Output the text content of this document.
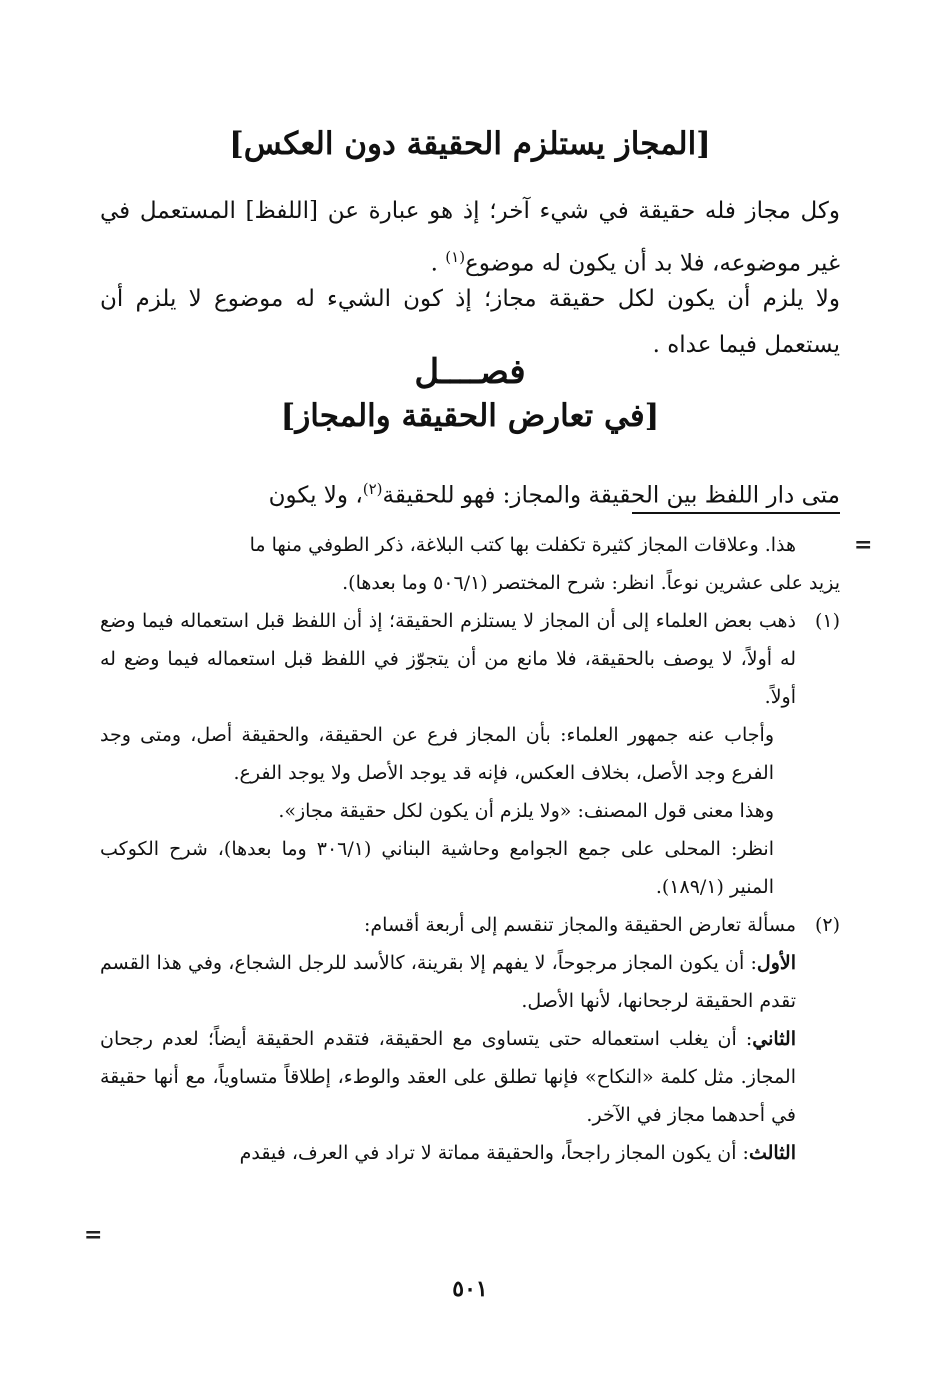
[المجاز يستلزم الحقيقة دون العكس]
وكل مجاز فله حقيقة في شيء آخر؛ إذ هو عبارة عن [اللفظ] المستعمل في غير موضوعه، فلا بد أن يكون له موضوع$^{(١)}$ .
ولا يلزم أن يكون لكل حقيقة مجاز؛ إذ كون الشيء له موضوع لا يلزم أن يستعمل فيما عداه .
فصــــل
[في تعارض الحقيقة والمجاز]
متى دار اللفظ بين الحقيقة والمجاز: فهو للحقيقة$^{(٢)}$، ولا يكون
=

هذا. وعلاقات المجاز كثيرة تكفلت بها كتب البلاغة، ذكر الطوفي منها ما

يزيد على عشرين نوعاً. انظر: شرح المختصر (٥٠٦/١ وما بعدها).

(١)
ذهب بعض العلماء إلى أن المجاز لا يستلزم الحقيقة؛ إذ أن اللفظ قبل استعماله فيما وضع له أولاً، لا يوصف بالحقيقة، فلا مانع من أن يتجوّز في اللفظ قبل استعماله فيما وضع له أولاً.

وأجاب عنه جمهور العلماء: بأن المجاز فرع عن الحقيقة، والحقيقة أصل، ومتى وجد الفرع وجد الأصل، بخلاف العكس، فإنه قد يوجد الأصل ولا يوجد الفرع.

وهذا معنى قول المصنف: «ولا يلزم أن يكون لكل حقيقة مجاز».

انظر: المحلى على جمع الجوامع وحاشية البناني (٣٠٦/١ وما بعدها)، شرح الكوكب المنير (١٨٩/١).

(٢)
مسألة تعارض الحقيقة والمجاز تنقسم إلى أربعة أقسام:

الأول: أن يكون المجاز مرجوحاً، لا يفهم إلا بقرينة، كالأسد للرجل الشجاع، وفي هذا القسم تقدم الحقيقة لرجحانها، لأنها الأصل.

الثاني: أن يغلب استعماله حتى يتساوى مع الحقيقة، فتقدم الحقيقة أيضاً؛ لعدم رجحان المجاز. مثل كلمة «النكاح» فإنها تطلق على العقد والوطء، إطلاقاً متساوياً، مع أنها حقيقة في أحدهما مجاز في الآخر.

الثالث: أن يكون المجاز راجحاً، والحقيقة مماتة لا تراد في العرف، فيقدم

=
٥٠١
